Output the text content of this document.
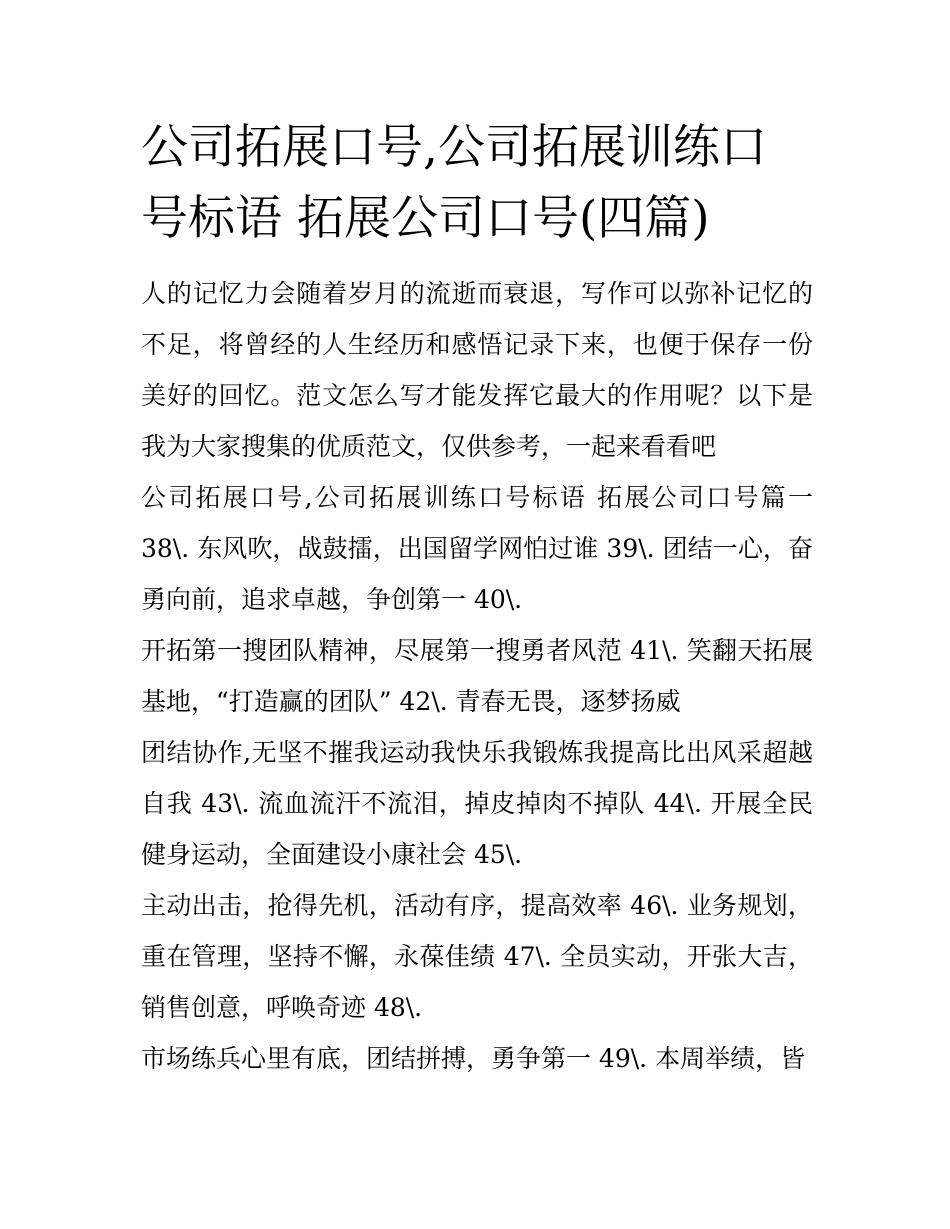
公司拓展口号,公司拓展训练口号标语 拓展公司口号(四篇)

人的记忆力会随着岁月的流逝而衰退，写作可以弥补记忆的不足，将曾经的人生经历和感悟记录下来，也便于保存一份美好的回忆。范文怎么写才能发挥它最大的作用呢？以下是我为大家搜集的优质范文，仅供参考，一起来看看吧

公司拓展口号,公司拓展训练口号标语 拓展公司口号篇一 38\. 东风吹，战鼓擂，出国留学网怕过谁 39\. 团结一心，奋勇向前，追求卓越，争创第一 40\.

开拓第一搜团队精神，尽展第一搜勇者风范 41\. 笑翻天拓展基地，“打造赢的团队” 42\. 青春无畏，逐梦扬威

团结协作,无坚不摧我运动我快乐我锻炼我提高比出风采超越自我 43\. 流血流汗不流泪，掉皮掉肉不掉队 44\. 开展全民健身运动，全面建设小康社会 45\.

主动出击，抢得先机，活动有序，提高效率 46\. 业务规划，重在管理，坚持不懈，永葆佳绩 47\. 全员实动，开张大吉，销售创意，呼唤奇迹 48\.

市场练兵心里有底，团结拼搏，勇争第一 49\. 本周举绩，皆
